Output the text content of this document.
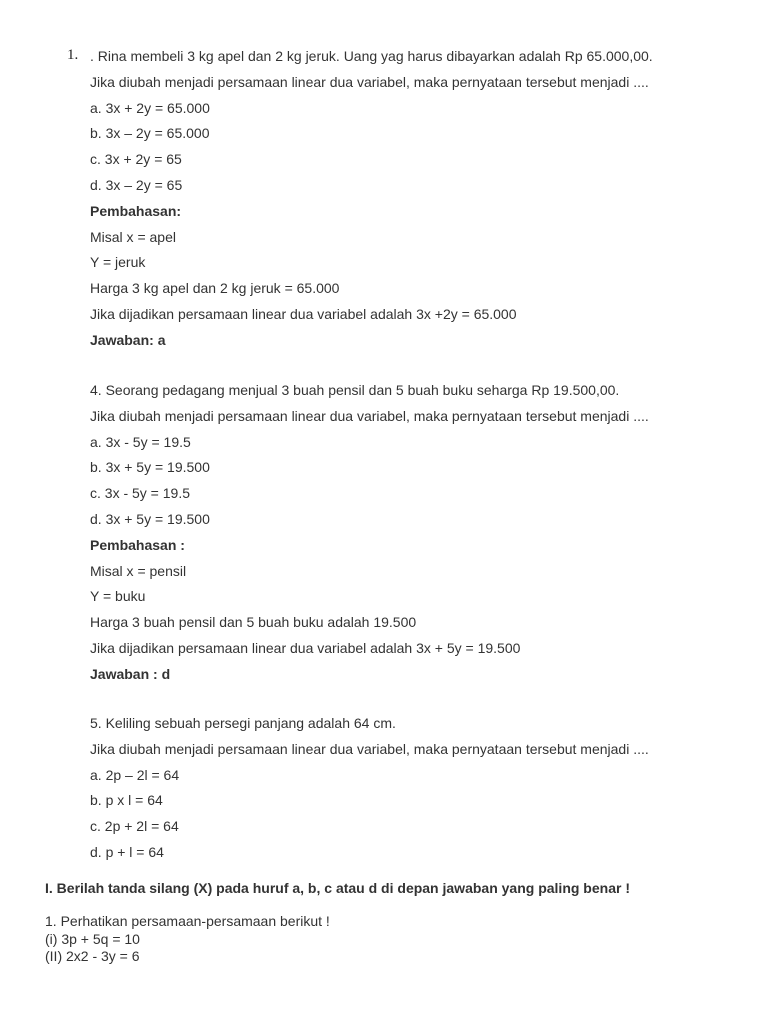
1. . Rina membeli 3 kg apel dan 2 kg jeruk. Uang yag harus dibayarkan adalah Rp 65.000,00.
Jika diubah menjadi persamaan linear dua variabel, maka pernyataan tersebut menjadi ....
a. 3x + 2y = 65.000
b. 3x – 2y = 65.000
c. 3x + 2y = 65
d. 3x – 2y = 65
Pembahasan:
Misal x = apel
Y = jeruk
Harga 3 kg apel dan 2 kg jeruk = 65.000
Jika dijadikan persamaan linear dua variabel adalah 3x +2y = 65.000
Jawaban: a
4. Seorang pedagang menjual 3 buah pensil dan 5 buah buku seharga Rp 19.500,00.
Jika diubah menjadi persamaan linear dua variabel, maka pernyataan tersebut menjadi ....
a. 3x - 5y = 19.5
b. 3x + 5y = 19.500
c. 3x - 5y = 19.5
d. 3x + 5y = 19.500
Pembahasan :
Misal x = pensil
Y = buku
Harga 3 buah pensil dan 5 buah buku adalah 19.500
Jika dijadikan persamaan linear dua variabel adalah 3x + 5y = 19.500
Jawaban : d
5. Keliling sebuah persegi panjang adalah 64 cm.
Jika diubah menjadi persamaan linear dua variabel, maka pernyataan tersebut menjadi ....
a. 2p – 2l = 64
b. p x l = 64
c. 2p + 2l = 64
d. p + l = 64
I. Berilah tanda silang (X) pada huruf a, b, c atau d di depan jawaban yang paling benar !
1. Perhatikan persamaan-persamaan berikut !
(i) 3p + 5q = 10
(II) 2x2 - 3y = 6
